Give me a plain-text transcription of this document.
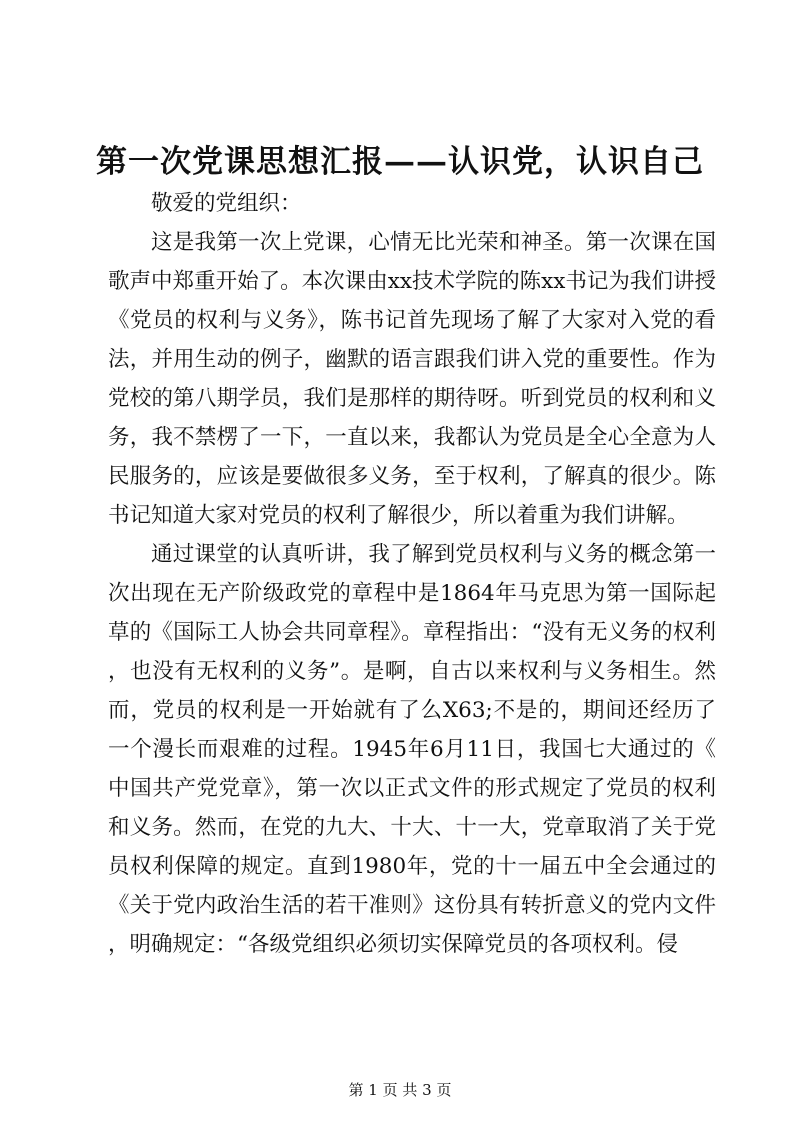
第一次党课思想汇报——认识党，认识自己

敬爱的党组织：

这是我第一次上党课，心情无比光荣和神圣。第一次课在国歌声中郑重开始了。本次课由xx技术学院的陈xx书记为我们讲授《党员的权利与义务》，陈书记首先现场了解了大家对入党的看法，并用生动的例子，幽默的语言跟我们讲入党的重要性。作为党校的第八期学员，我们是那样的期待呀。听到党员的权利和义务，我不禁楞了一下，一直以来，我都认为党员是全心全意为人民服务的，应该是要做很多义务，至于权利，了解真的很少。陈书记知道大家对党员的权利了解很少，所以着重为我们讲解。

通过课堂的认真听讲，我了解到党员权利与义务的概念第一次出现在无产阶级政党的章程中是1864年马克思为第一国际起草的《国际工人协会共同章程》。章程指出：“没有无义务的权利，也没有无权利的义务”。是啊，自古以来权利与义务相生。然而，党员的权利是一开始就有了么X63;不是的，期间还经历了一个漫长而艰难的过程。1945年6月11日，我国七大通过的《中国共产党党章》，第一次以正式文件的形式规定了党员的权利和义务。然而，在党的九大、十大、十一大，党章取消了关于党员权利保障的规定。直到1980年，党的十一届五中全会通过的《关于党内政治生活的若干准则》这份具有转折意义的党内文件，明确规定：“各级党组织必须切实保障党员的各项权利。侵

第 1 页 共 3 页
